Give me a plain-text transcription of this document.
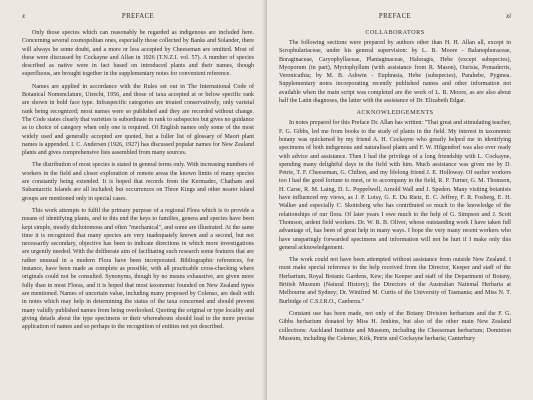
x	PREFACE

Only those species which can reasonably be regarded as indigenous are included here. Concerning several cosmopolitan ones, especially those collected by Banks and Solander, there will always be some doubt, and a more or less accepted by Cheeseman are omitted. Most of these were discussed by Cockayne and Allan in 1926 (T.N.Z.I. vol. 57). A number of species described as native were in fact based on introduced plants and their names, though superfluous, are brought together in the supplementary notes for convenient reference.

Names are applied in accordance with the Rules set out in The International Code of Botanical Nomenclature, Utrecht, 1956, and those of taxa accepted at or below specific rank are shown in bold face type. Infraspecific categories are treated conservatively, only varietal rank being recognized; most names were so published and they are recorded without change. The Code states clearly that varieties is subordinate in rank to subspecies but gives no guidance as to choice of category when only one is required. Of English names only some of the most widely used and generally accepted are quoted, but a fuller list of glossary of Maori plant names is appended. I. C. Andersen (1926, 1927) has discussed popular names for New Zealand plants and gives comprehensive lists assembled from many sources.

The distribution of most species is stated in general terms only. With increasing numbers of workers in the field and closer exploration of remote areas the known limits of many species are constantly being extended. It is hoped that records from the Kermadec, Chatham and Subantarctic Islands are all included; but occurrences on Three Kings and other nearer island groups are mentioned only in special cases.

This work attempts to fulfil the primary purpose of a regional Flora which is to provide a means of identifying plants, and to this end the keys to families, genera and species have been kept simple, mostly dichotomous and often "mechanical", and some are illustrated. At the same time it is recognized that many species are very inadequately known and a second, but not necessarily secondary, objective has been to indicate directions in which more investigations are urgently needed. With the deliberate aim of facilitating such research some features that are rather unusual in a modern Flora have been incorporated. Bibliographic references, for instance, have been made as complete as possible, with all practicable cross-checking where originals could not be consulted. Synonyms, though by no means exhaustive, are given more fully than in most Floras, and it is hoped that most taxonomic founded on New Zealand types are mentioned. Names of uncertain value, including many proposed by Colenso, are dealt with in notes which may help in determining the status of the taxa concerned and should prevent many validly published names from being overlooked. Quoting the original or type locality and giving details about the type specimens or their whereabouts should lead to the more precise application of names and so perhaps to the recognition of entities not yet described.

PREFACE	xi
COLLABORATORS

The following sections were prepared by authors other than H. H. Allan all, except in Scrophulariaceae, under his general supervision: by L. B. Moore - Balanophoraceae, Boraginaceae, Caryophyllaceae, Plantaginaceae, Haloragis, Hebe (except subspecies), Myoporum (in part), Myriophyllum (with assistance from R. Mason), Ourisia, Pomaderris, Veronicathia; by M. B. Ashwin - Euphrasia, Hebe (subspecies), Parahebe, Pygmea. Supplementary notes incorporating recently published names and other information not available when the main script was completed are the work of L. B. Moore, as are also about half the Latin diagnoses, the latter with the assistance of Dr. Elizabeth Edgar.

ACKNOWLEDGEMENTS

In notes prepared for this Preface Dr. Allan has written: "That great and stimulating teacher, F. G. Gibbs, led me from books to the study of plants in the field. My interest in taxonomic botany was quickened by my friend A. H. Cockayne who greatly helped me in identifying specimens of both indigenous and naturalised plants and F. W. Hilgendorf was also ever ready with advice and assistance. Then I had the privilege of a long friendship with L. Cockayne, spending many delightful days in the field with him. Much assistance was given me by D. Petrie, T. F. Cheeseman, G. Chilton, and my lifelong friend J. E. Holloway. Of earlier workers too I had the good fortune to meet, or to accompany in the field, R. P. Turner, G. M. Thomson, H. Carse, R. M. Laing, D. L. Poppelwell, Arnold Wall and J. Speden. Many visiting botanists have influenced my views, as J. P. Lotsy, G. E. Du Rietz, E. C. Jeffrey, F. R. Fosberg, E. H. Walker and especially C. Skottsberg who has contributed so much to the knowledge of the relationships of our flora. Of later years I owe much to the help of G. Simpson and J. Scott Thomson, ardent field workers. Dr. W. R. B. Oliver, whose outstanding work I have taken full advantage of, has been of great help in many ways. I hope the very many recent workers who have unsparingly forwarded specimens and information will not be hurt if I make only this general acknowledgement.

The work could not have been attempted without assistance from outside New Zealand. I must make special reference to the help received from the Director, Keeper and staff of the Herbarium, Royal Botanic Gardens, Kew; the Keeper and staff of the Department of Botany, British Museum (Natural History); the Directors of the Australian National Herbaria at Melbourne and Sydney; Dr. Winifred M. Curtis of the University of Tasmania; and Miss N. T. Burbidge of C.S.I.R.O., Canberra."

Constant use has been made, not only of the Botany Division herbarium and the F. G. Gibbs herbarium donated by Miss H. Jenkins, but also of the other main New Zealand collections: Auckland Institute and Museum, including the Cheeseman herbarium; Dominion Museum, including the Colenso, Kirk, Petrie and Cockayne herbaria; Canterbury
